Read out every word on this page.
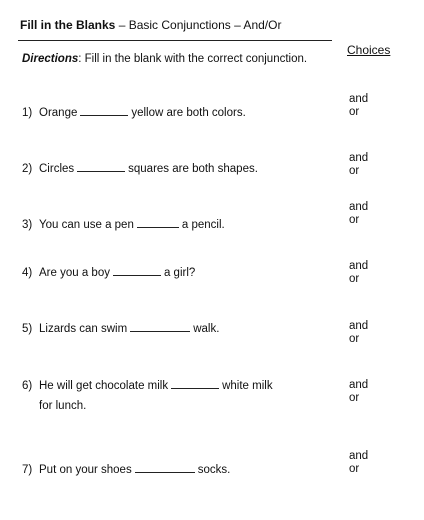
Fill in the Blanks – Basic Conjunctions – And/Or
Choices
Directions: Fill in the blank with the correct conjunction.
1) Orange	yellow are both colors.
and
or
2) Circles	squares are both shapes.
and
or
3) You can use a pen	a pencil.
and
or
4) Are you a boy	a girl?
and
or
5) Lizards can swim	walk.	and
or
6) He will get chocolate milk	white milk
for lunch.
and
or
7) Put on your shoes	socks.
and
or
